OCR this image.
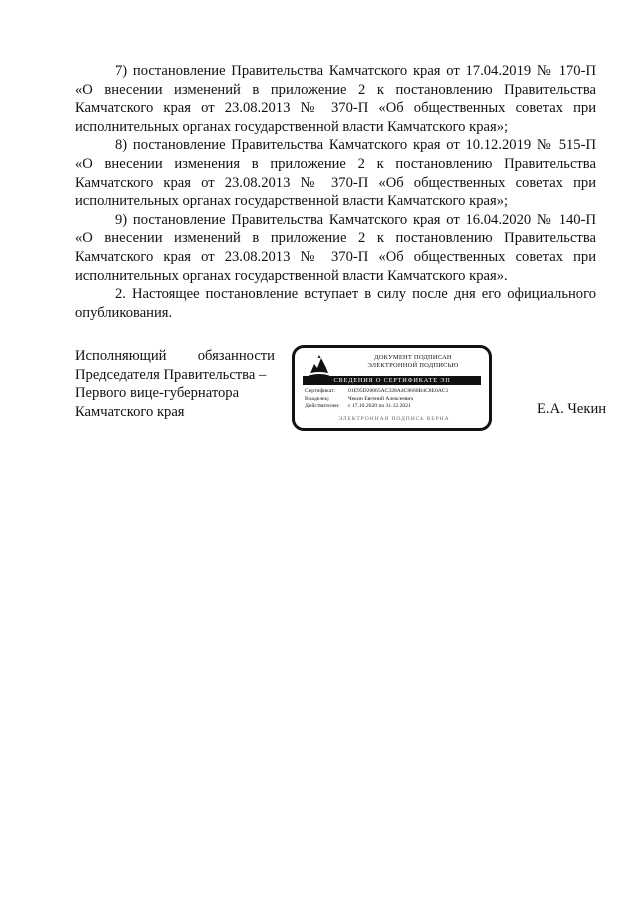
7) постановление Правительства Камчатского края от 17.04.2019 № 170-П «О внесении изменений в приложение 2 к постановлению Правительства Камчатского края от 23.08.2013 № 370-П «Об общественных советах при исполнительных органах государственной власти Камчатского края»;

8) постановление Правительства Камчатского края от 10.12.2019 № 515-П «О внесении изменения в приложение 2 к постановлению Правительства Камчатского края от 23.08.2013 № 370-П «Об общественных советах при исполнительных органах государственной власти Камчатского края»;

9) постановление Правительства Камчатского края от 16.04.2020 № 140-П «О внесении изменений в приложение 2 к постановлению Правительства Камчатского края от 23.08.2013 № 370-П «Об общественных советах при исполнительных органах государственной власти Камчатского края».

2. Настоящее постановление вступает в силу после дня его официального опубликования.

Исполняющий обязанности
Председателя Правительства –
Первого вице-губернатора
Камчатского края
ДОКУМЕНТ ПОДПИСАН
ЭЛЕКТРОННОЙ ПОДПИСЬЮ
СВЕДЕНИЯ О СЕРТИФИКАТЕ ЭП
Сертификат:	01E95D20065AC328A4C8660B4C8E0AC1
Владелец:	Чекин Евгений Алексеевич
Действителен:	с 17.10.2020 по 31.12.2021
ЭЛЕКТРОННАЯ ПОДПИСЬ ВЕРНА
Е.А. Чекин
